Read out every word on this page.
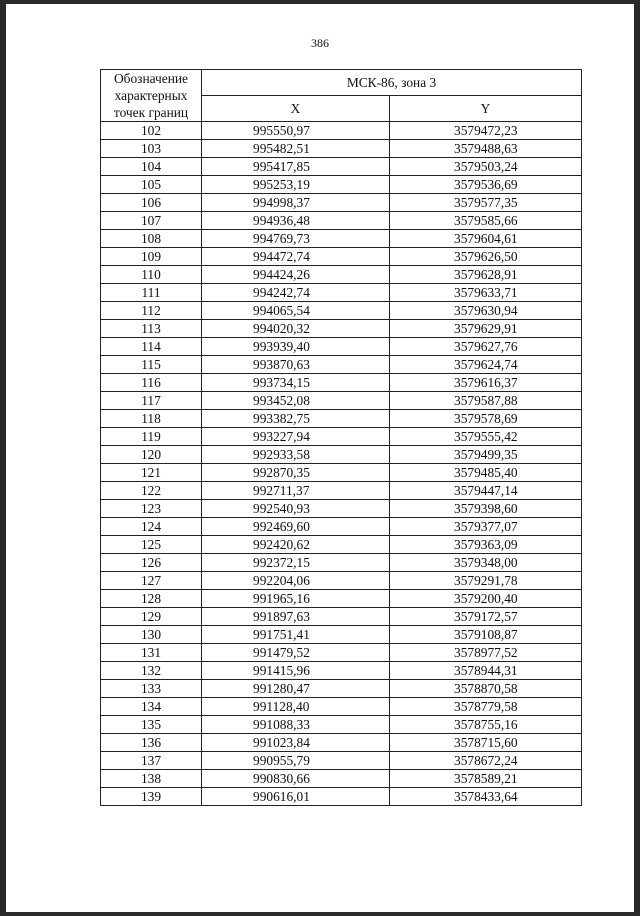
386
Обозначение
характерных
точек границ	МСК-86, зона 3	
	X	Y
102	995550,97	3579472,23
103	995482,51	3579488,63
104	995417,85	3579503,24
105	995253,19	3579536,69
106	994998,37	3579577,35
107	994936,48	3579585,66
108	994769,73	3579604,61
109	994472,74	3579626,50
110	994424,26	3579628,91
111	994242,74	3579633,71
112	994065,54	3579630,94
113	994020,32	3579629,91
114	993939,40	3579627,76
115	993870,63	3579624,74
116	993734,15	3579616,37
117	993452,08	3579587,88
118	993382,75	3579578,69
119	993227,94	3579555,42
120	992933,58	3579499,35
121	992870,35	3579485,40
122	992711,37	3579447,14
123	992540,93	3579398,60
124	992469,60	3579377,07
125	992420,62	3579363,09
126	992372,15	3579348,00
127	992204,06	3579291,78
128	991965,16	3579200,40
129	991897,63	3579172,57
130	991751,41	3579108,87
131	991479,52	3578977,52
132	991415,96	3578944,31
133	991280,47	3578870,58
134	991128,40	3578779,58
135	991088,33	3578755,16
136	991023,84	3578715,60
137	990955,79	3578672,24
138	990830,66	3578589,21
139	990616,01	3578433,64
